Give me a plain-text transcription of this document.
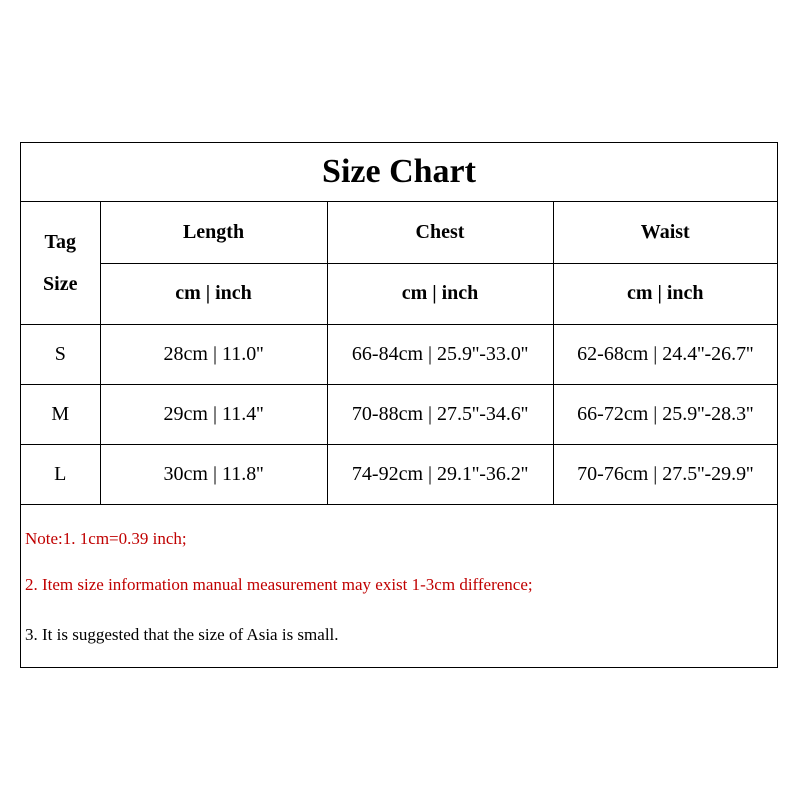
Size Chart
Tag
Size	Length	Chest	Waist
	cm | inch	cm | inch	cm | inch
S	28cm | 11.0''	66-84cm | 25.9''-33.0''	62-68cm | 24.4''-26.7''
M	29cm | 11.4''	70-88cm | 27.5''-34.6''	66-72cm | 25.9''-28.3''
L	30cm | 11.8''	74-92cm | 29.1''-36.2''	70-76cm | 27.5''-29.9''
Note:1. 1cm=0.39 inch;
2. Item size information manual measurement may exist 1-3cm difference;
3. It is suggested that the size of Asia is small.
